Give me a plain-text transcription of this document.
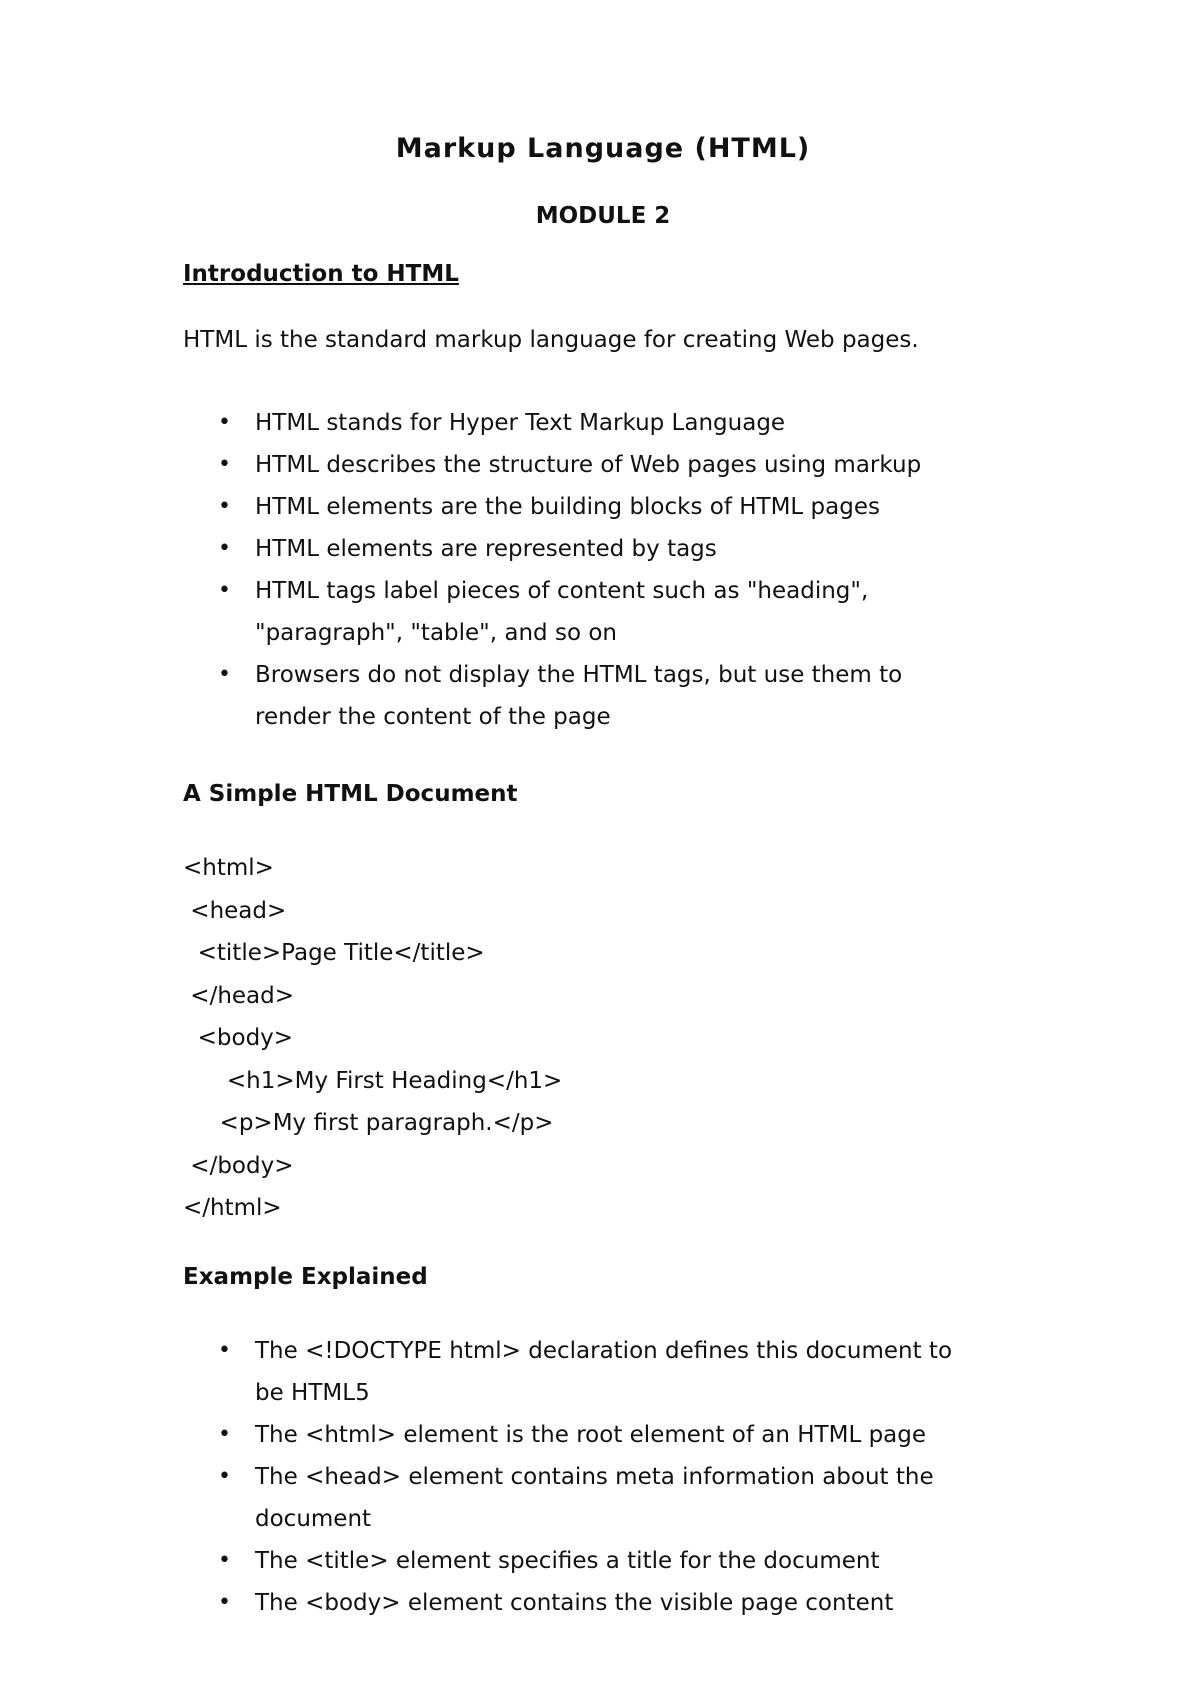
Markup Language (HTML)
MODULE 2
Introduction to HTML
HTML is the standard markup language for creating Web pages.
• HTML stands for Hyper Text Markup Language
• HTML describes the structure of Web pages using markup
• HTML elements are the building blocks of HTML pages
• HTML elements are represented by tags
• HTML tags label pieces of content such as "heading",
"paragraph", "table", and so on
• Browsers do not display the HTML tags, but use them to
render the content of the page
A Simple HTML Document
<html>
<head>
<title>Page Title</title>
</head>
<body>
<h1>My First Heading</h1>
<p>My first paragraph.</p>
</body>
</html>
Example Explained
• The <!DOCTYPE html> declaration defines this document to
be HTML5
• The <html> element is the root element of an HTML page
• The <head> element contains meta information about the
document
• The <title> element specifies a title for the document
• The <body> element contains the visible page content
